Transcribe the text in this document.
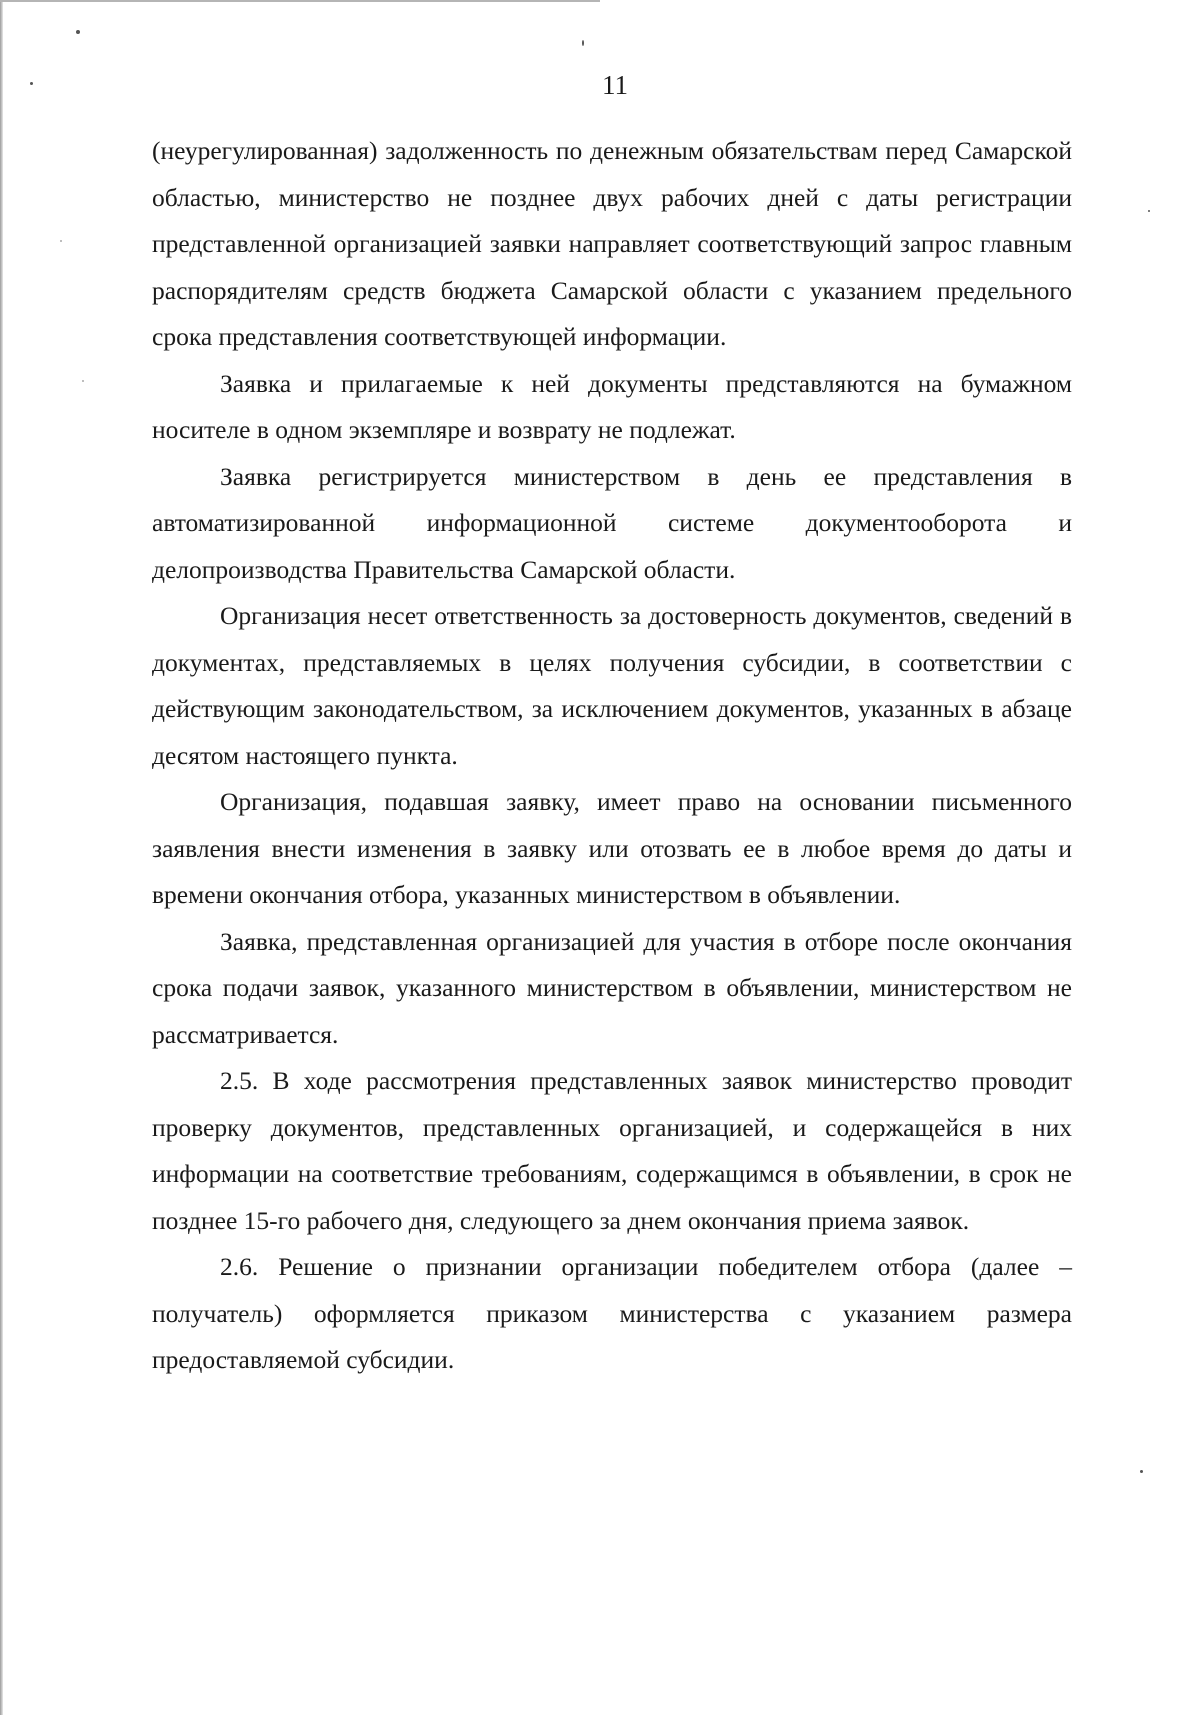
11

(неурегулированная) задолженность по денежным обязательствам перед Самарской областью, министерство не позднее двух рабочих дней с даты регистрации представленной организацией заявки направляет соответствующий запрос главным распорядителям средств бюджета Самарской области с указанием предельного срока представления соответствующей информации.

Заявка и прилагаемые к ней документы представляются на бумажном носителе в одном экземпляре и возврату не подлежат.

Заявка регистрируется министерством в день ее представления в автоматизированной информационной системе документооборота и делопроизводства Правительства Самарской области.

Организация несет ответственность за достоверность документов, сведений в документах, представляемых в целях получения субсидии, в соответствии с действующим законодательством, за исключением документов, указанных в абзаце десятом настоящего пункта.

Организация, подавшая заявку, имеет право на основании письменного заявления внести изменения в заявку или отозвать ее в любое время до даты и времени окончания отбора, указанных министерством в объявлении.

Заявка, представленная организацией для участия в отборе после окончания срока подачи заявок, указанного министерством в объявлении, министерством не рассматривается.

2.5. В ходе рассмотрения представленных заявок министерство проводит проверку документов, представленных организацией, и содержащейся в них информации на соответствие требованиям, содержащимся в объявлении, в срок не позднее 15-го рабочего дня, следующего за днем окончания приема заявок.

2.6. Решение о признании организации победителем отбора (далее – получатель) оформляется приказом министерства с указанием размера предоставляемой субсидии.
